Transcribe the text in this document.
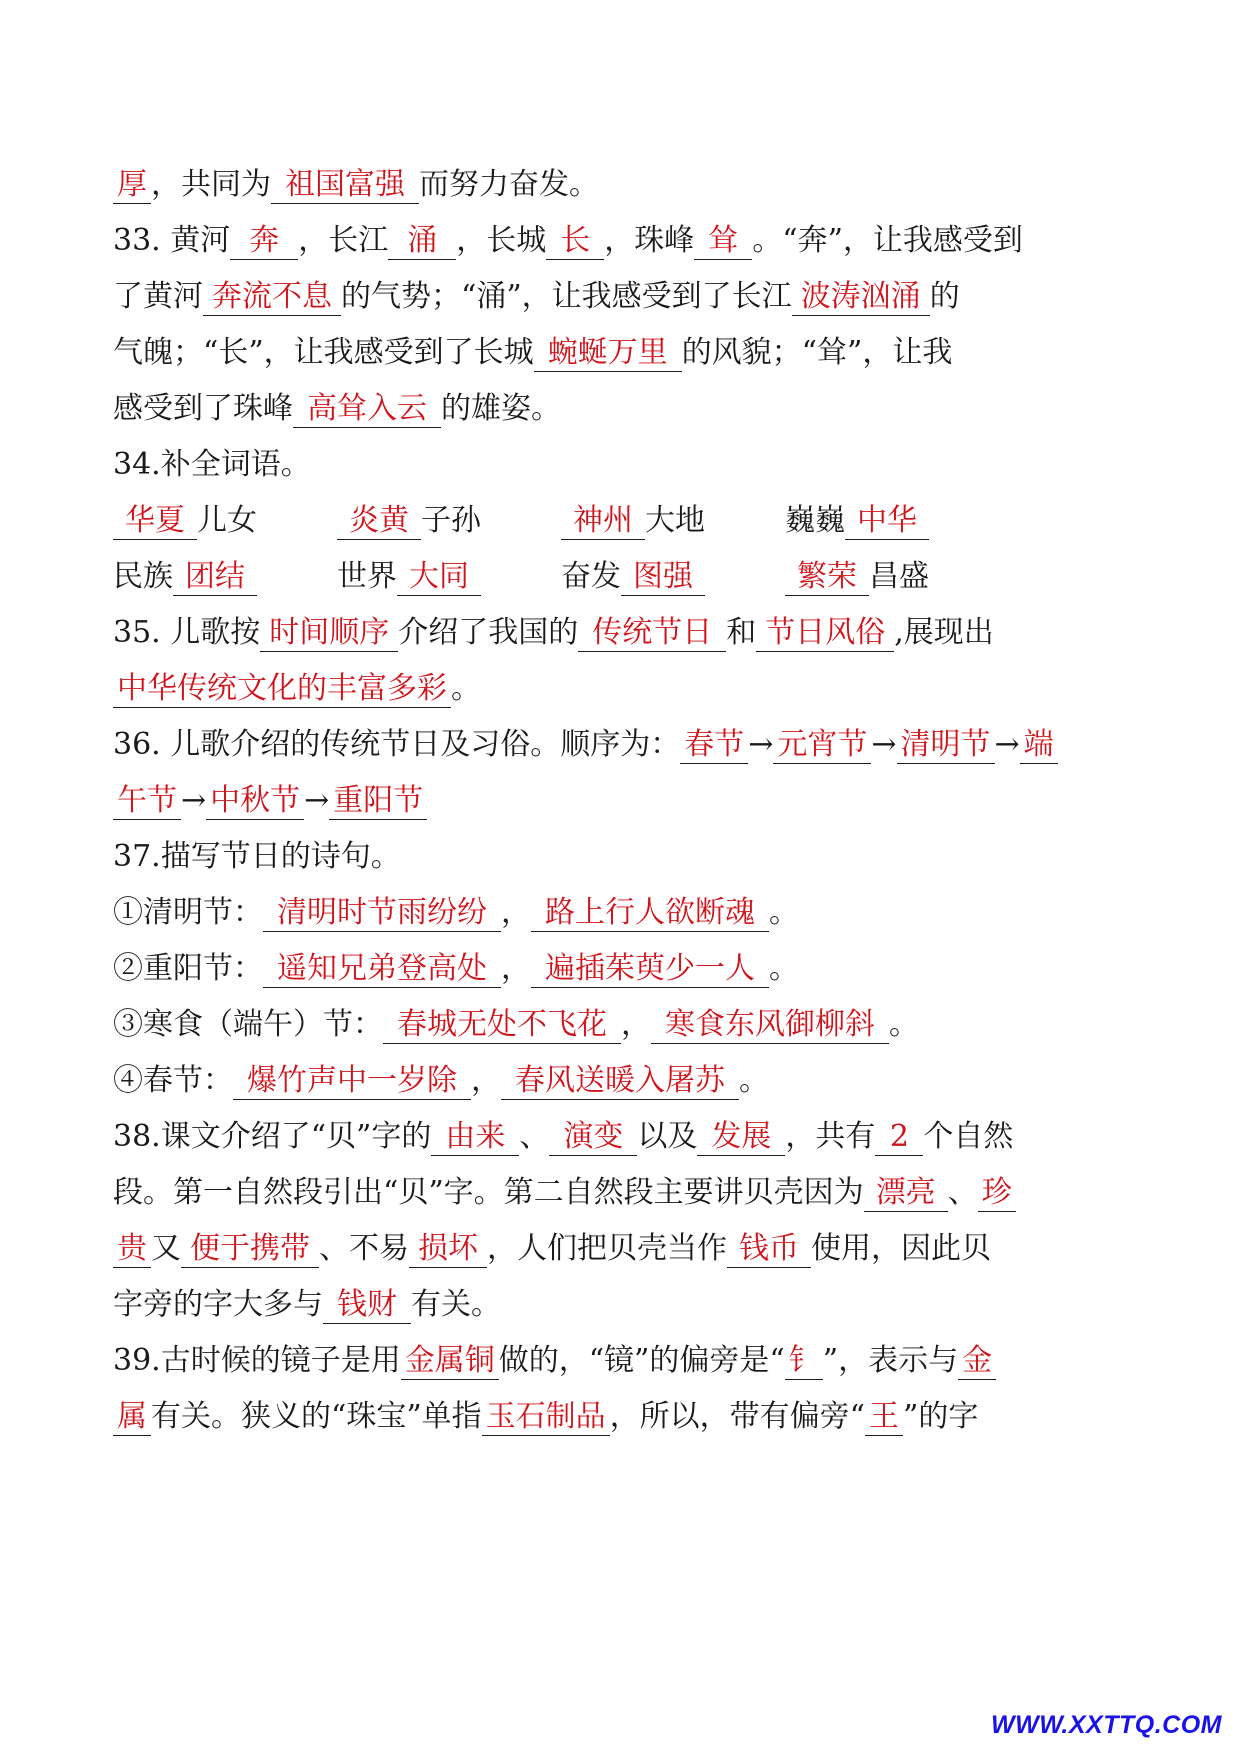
厚 ，共同为 祖国富强 而努力奋发。
33. 黄河 奔 ，长江 涌 ，长城 长 ，珠峰 耸 。“奔”，让我感受到
了黄河 奔流不息 的气势；“涌”，让我感受到了长江 波涛汹涌 的
气魄；“长”，让我感受到了长城 蜿蜒万里 的风貌；“耸”，让我
感受到了珠峰 高耸入云 的雄姿。
34.补全词语。
华夏 儿女	炎黄 子孙	神州 大地	巍巍 中华
民族 团结	世界 大同	奋发 图强	繁荣 昌盛
35. 儿歌按 时间顺序 介绍了我国的 传统节日 和 节日风俗 ,展现出
中华传统文化的丰富多彩 。
36. 儿歌介绍的传统节日及习俗。顺序为： 春节 → 元宵节 → 清明节 → 端
午节 → 中秋节 → 重阳节
37.描写节日的诗句。
①清明节： 清明时节雨纷纷 ， 路上行人欲断魂 。
②重阳节： 遥知兄弟登高处 ， 遍插茱萸少一人 。
③寒食（端午）节： 春城无处不飞花 ， 寒食东风御柳斜 。
④春节： 爆竹声中一岁除 ， 春风送暖入屠苏 。
38.课文介绍了“贝”字的 由来 、 演变 以及 发展 ，共有 2 个自然
段。第一自然段引出“贝”字。第二自然段主要讲贝壳因为 漂亮 、 珍
贵 又 便于携带 、不易 损坏 ，人们把贝壳当作 钱币 使用，因此贝
字旁的字大多与 钱财 有关。
39.古时候的镜子是用 金属铜 做的，“镜”的偏旁是“ 钅 ”，表示与 金
属 有关。狭义的“珠宝”单指 玉石制品 ，所以，带有偏旁“ 王 ”的字
WWW.XXTTQ.COM
